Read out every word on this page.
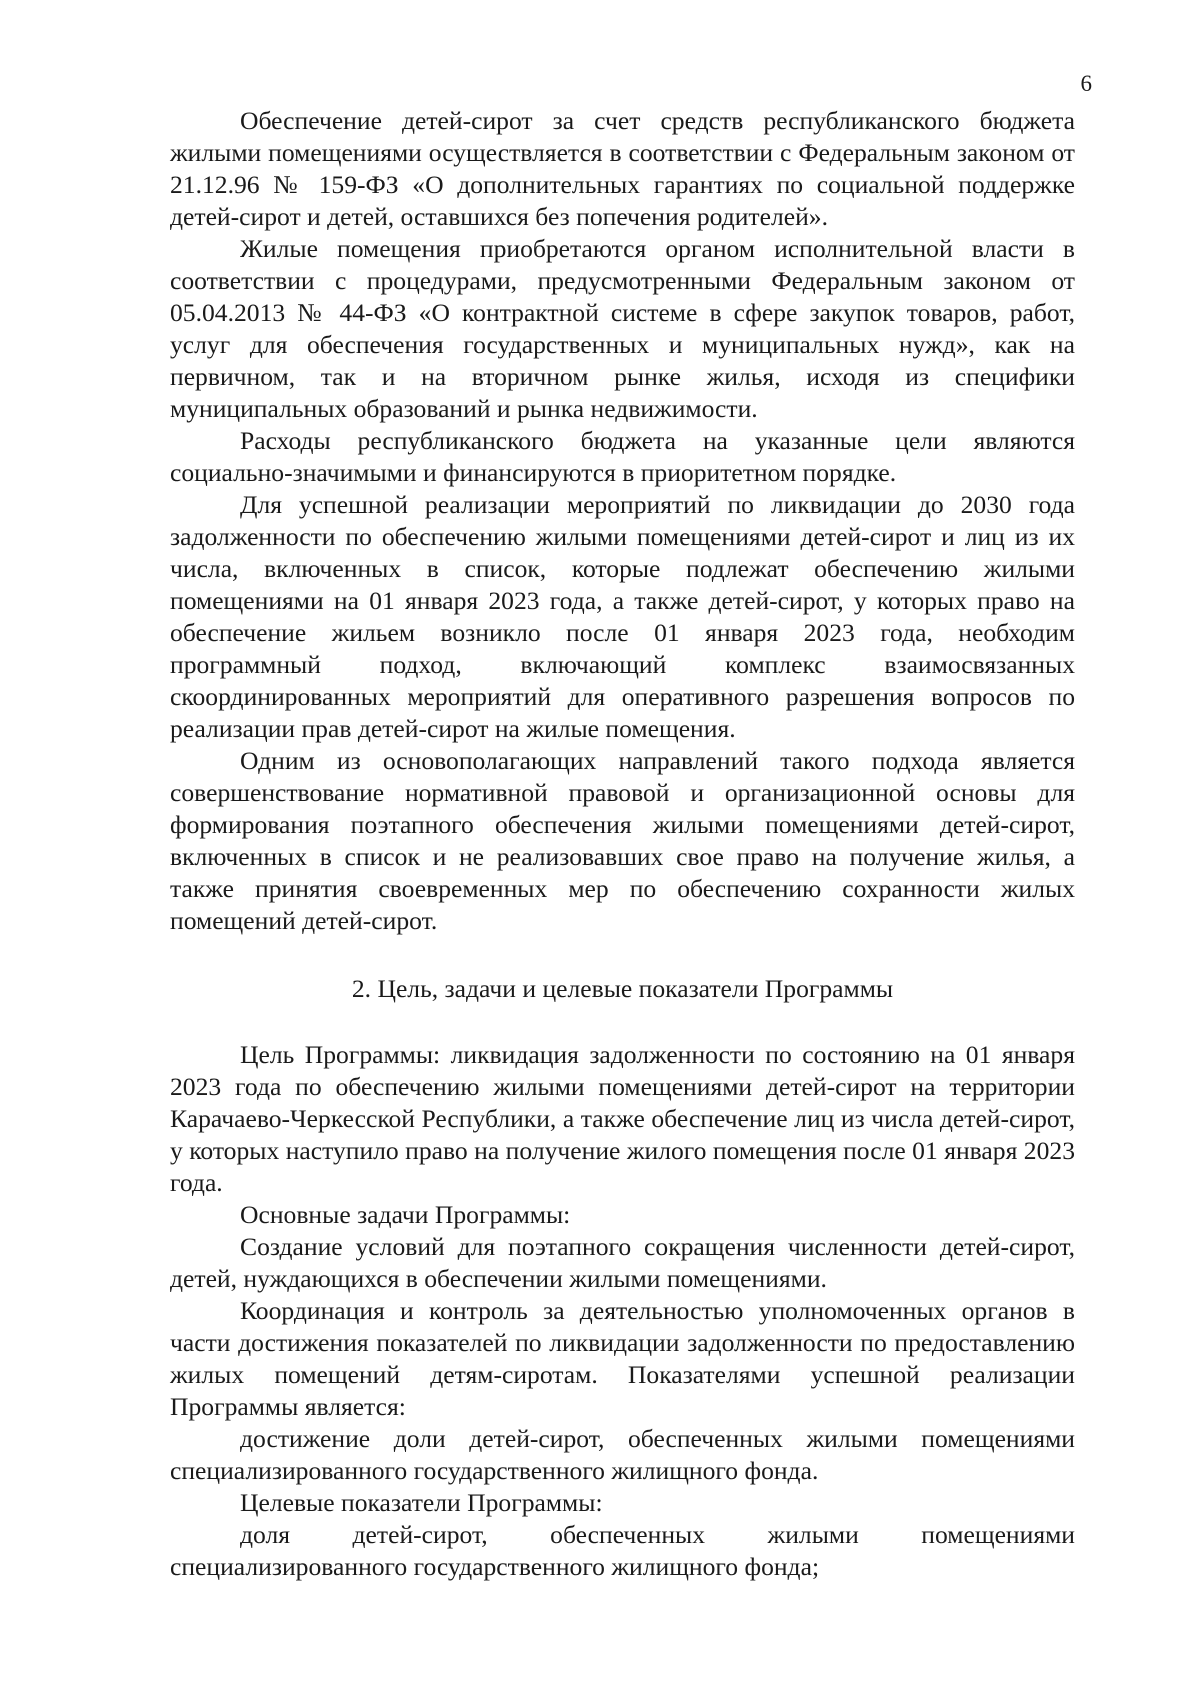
6

Обеспечение детей-сирот за счет средств республиканского бюджета жилыми помещениями осуществляется в соответствии с Федеральным законом от 21.12.96 № 159-ФЗ «О дополнительных гарантиях по социальной поддержке детей-сирот и детей, оставшихся без попечения родителей».

Жилые помещения приобретаются органом исполнительной власти в соответствии с процедурами, предусмотренными Федеральным законом от 05.04.2013 № 44-ФЗ «О контрактной системе в сфере закупок товаров, работ, услуг для обеспечения государственных и муниципальных нужд», как на первичном, так и на вторичном рынке жилья, исходя из специфики муниципальных образований и рынка недвижимости.

Расходы республиканского бюджета на указанные цели являются социально-значимыми и финансируются в приоритетном порядке.

Для успешной реализации мероприятий по ликвидации до 2030 года задолженности по обеспечению жилыми помещениями детей-сирот и лиц из их числа, включенных в список, которые подлежат обеспечению жилыми помещениями на 01 января 2023 года, а также детей-сирот, у которых право на обеспечение жильем возникло после 01 января 2023 года, необходим программный подход, включающий комплекс взаимосвязанных скоординированных мероприятий для оперативного разрешения вопросов по реализации прав детей-сирот на жилые помещения.

Одним из основополагающих направлений такого подхода является совершенствование нормативной правовой и организационной основы для формирования поэтапного обеспечения жилыми помещениями детей-сирот, включенных в список и не реализовавших свое право на получение жилья, а также принятия своевременных мер по обеспечению сохранности жилых помещений детей-сирот.

2. Цель, задачи и целевые показатели Программы

Цель Программы: ликвидация задолженности по состоянию на 01 января 2023 года по обеспечению жилыми помещениями детей-сирот на территории Карачаево-Черкесской Республики, а также обеспечение лиц из числа детей-сирот, у которых наступило право на получение жилого помещения после 01 января 2023 года.

Основные задачи Программы:

Создание условий для поэтапного сокращения численности детей-сирот, детей, нуждающихся в обеспечении жилыми помещениями.

Координация и контроль за деятельностью уполномоченных органов в части достижения показателей по ликвидации задолженности по предоставлению жилых помещений детям-сиротам. Показателями успешной реализации Программы является:

достижение доли детей-сирот, обеспеченных жилыми помещениями специализированного государственного жилищного фонда.

Целевые показатели Программы:

доля детей-сирот, обеспеченных жилыми помещениями специализированного государственного жилищного фонда;
